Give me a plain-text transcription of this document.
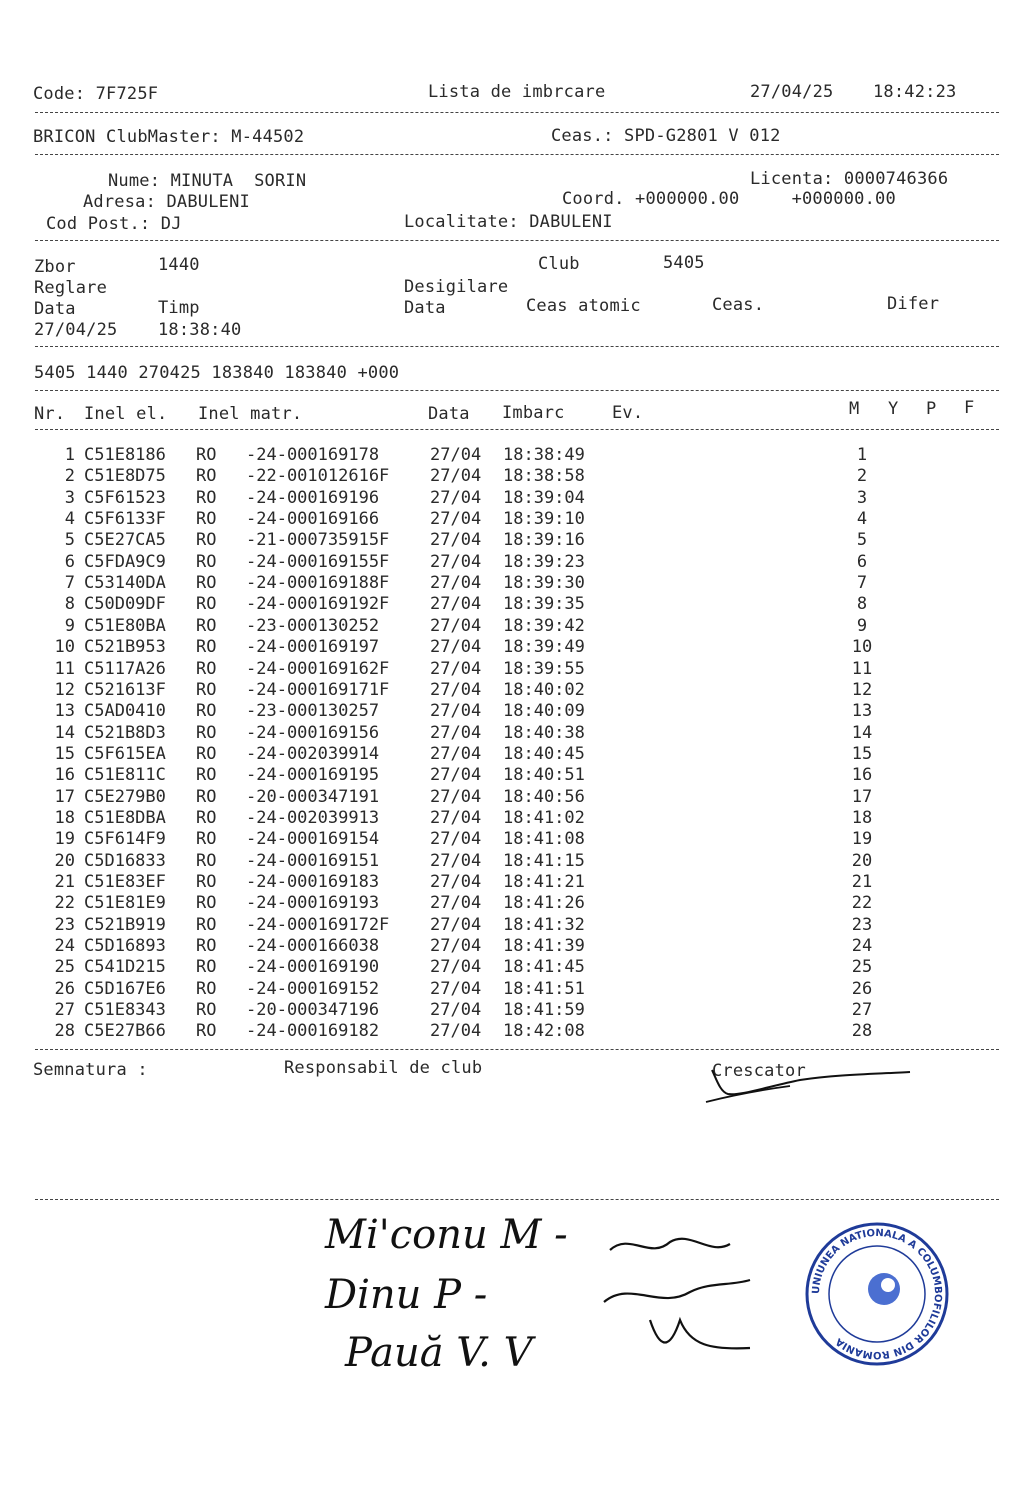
Code: 7F725F	Lista de imbrcare	27/04/25 18:42:23
BRICON ClubMaster: M-44502	Ceas.: SPD-G2801 V 012
Nume: MINUTA  SORIN	Licenta: 0000746366
Adresa: DABULENI	Coord. +000000.00     +000000.00
Cod Post.: DJ	Localitate: DABULENI
Zbor	1440	Club	5405
Reglare	Desigilare
Data	Timp	Data	Ceas atomic	Ceas.	Difer
27/04/25 18:38:40
5405 1440 270425 183840 183840 +000
Nr. Inel el. Inel matr.	Data Imbarc	Ev.	M Y P F
1 C51E8186 RO -24-000169178	27/04 18:38:49	1
2 C51E8D75 RO -22-001012616F 27/04 18:38:58	2
3 C5F61523 RO -24-000169196	27/04 18:39:04	3
4 C5F6133F RO -24-000169166	27/04 18:39:10	4
5 C5E27CA5 RO -21-000735915F 27/04 18:39:16	5
6 C5FDA9C9 RO -24-000169155F 27/04 18:39:23	6
7 C53140DA RO -24-000169188F 27/04 18:39:30	7
8 C50D09DF RO -24-000169192F 27/04 18:39:35	8
9 C51E80BA RO -23-000130252	27/04 18:39:42	9
10 C521B953 RO -24-000169197	27/04 18:39:49	10
11 C5117A26 RO -24-000169162F 27/04 18:39:55	11
12 C521613F RO -24-000169171F 27/04 18:40:02	12
13 C5AD0410 RO -23-000130257	27/04 18:40:09	13
14 C521B8D3 RO -24-000169156	27/04 18:40:38	14
15 C5F615EA RO -24-002039914	27/04 18:40:45	15
16 C51E811C RO -24-000169195	27/04 18:40:51	16
17 C5E279B0 RO -20-000347191	27/04 18:40:56	17
18 C51E8DBA RO -24-002039913	27/04 18:41:02	18
19 C5F614F9 RO -24-000169154	27/04 18:41:08	19
20 C5D16833 RO -24-000169151	27/04 18:41:15	20
21 C51E83EF RO -24-000169183	27/04 18:41:21	21
22 C51E81E9 RO -24-000169193	27/04 18:41:26	22
23 C521B919 RO -24-000169172F 27/04 18:41:32	23
24 C5D16893 RO -24-000166038	27/04 18:41:39	24
25 C541D215 RO -24-000169190	27/04 18:41:45	25
26 C5D167E6 RO -24-000169152	27/04 18:41:51	26
27 C51E8343 RO -20-000347196	27/04 18:41:59	27
28 C5E27B66 RO -24-000169182	27/04 18:42:08	28
Semnatura :	Responsabil de club	Crescator
Mi'conu M -
Dinu P -
Pauă V. V
UNIUNEA NATIONALA A COLUMBOFILILOR DIN ROMANIA
